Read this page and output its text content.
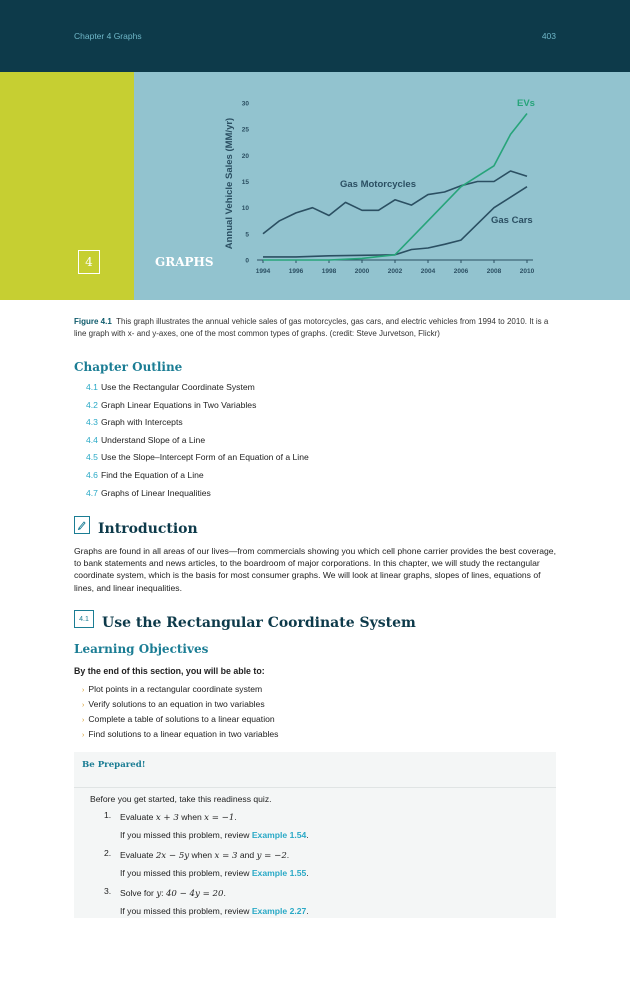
Chapter 4 Graphs	403
0
5
10
15
20
25
30
1994	1996	1998	2000	2002	2004	2006	2008	2010
Annual Vehicle Sales (MM/yr)	Gas Motorcycles
Gas Cars
EVs
4	GRAPHS

Figure 4.1 This graph illustrates the annual vehicle sales of gas motorcycles, gas cars, and electric vehicles from 1994 to 2010. It is a line graph with x- and y-axes, one of the most common types of graphs. (credit: Steve Jurvetson, Flickr)

Chapter Outline
4.1 Use the Rectangular Coordinate System
4.2 Graph Linear Equations in Two Variables
4.3 Graph with Intercepts
4.4 Understand Slope of a Line
4.5 Use the Slope–Intercept Form of an Equation of a Line
4.6 Find the Equation of a Line
4.7 Graphs of Linear Inequalities
Introduction

Graphs are found in all areas of our lives—from commercials showing you which cell phone carrier provides the best coverage, to bank statements and news articles, to the boardroom of major corporations. In this chapter, we will study the rectangular coordinate system, which is the basis for most consumer graphs. We will look at linear graphs, slopes of lines, equations of lines, and linear inequalities.

4.1 Use the Rectangular Coordinate System
Learning Objectives
By the end of this section, you will be able to:
› Plot points in a rectangular coordinate system
› Verify solutions to an equation in two variables
› Complete a table of solutions to a linear equation
› Find solutions to a linear equation in two variables
Be Prepared!
Before you get started, take this readiness quiz.
1. Evaluate x + 3 when x = −1.
If you missed this problem, review Example 1.54.
2. Evaluate 2x − 5y when x = 3 and y = −2.
If you missed this problem, review Example 1.55.
3. Solve for y: 40 − 4y = 20.
If you missed this problem, review Example 2.27.
